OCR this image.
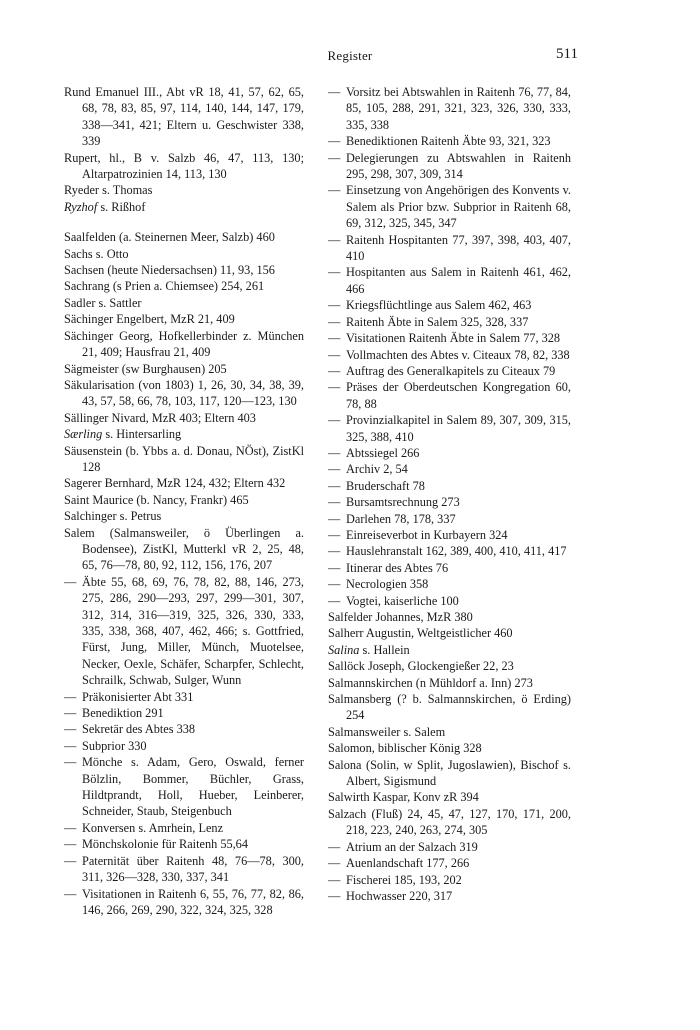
Register	511
Rund Emanuel III., Abt vR 18, 41, 57, 62, 65, 68, 78, 83, 85, 97, 114, 140, 144, 147, 179, 338—341, 421; Eltern u. Geschwister 338, 339
Rupert, hl., B v. Salzb 46, 47, 113, 130; Altarpatrozinien 14, 113, 130
Ryeder s. Thomas
Ryzhof s. Rißhof
Saalfelden (a. Steinernen Meer, Salzb) 460
Sachs s. Otto
Sachsen (heute Niedersachsen) 11, 93, 156
Sachrang (s Prien a. Chiemsee) 254, 261
Sadler s. Sattler
Sächinger Engelbert, MzR 21, 409
Sächinger Georg, Hofkellerbinder z. München 21, 409; Hausfrau 21, 409
Sägmeister (sw Burghausen) 205
Säkularisation (von 1803) 1, 26, 30, 34, 38, 39, 43, 57, 58, 66, 78, 103, 117, 120—123, 130
Sällinger Nivard, MzR 403; Eltern 403
Særling s. Hintersarling
Säusenstein (b. Ybbs a. d. Donau, NÖst), ZistKl 128
Sagerer Bernhard, MzR 124, 432; Eltern 432
Saint Maurice (b. Nancy, Frankr) 465
Salchinger s. Petrus
Salem (Salmansweiler, ö Überlingen a. Bodensee), ZistKl, Mutterkl vR 2, 25, 48, 65, 76—78, 80, 92, 112, 156, 176, 207
— Äbte 55, 68, 69, 76, 78, 82, 88, 146, 273, 275, 286, 290—293, 297, 299—301, 307, 312, 314, 316—319, 325, 326, 330, 333, 335, 338, 368, 407, 462, 466; s. Gottfried, Fürst, Jung, Miller, Münch, Muotelsee, Necker, Oexle, Schäfer, Scharpfer, Schlecht, Schrailk, Schwab, Sulger, Wunn
— Präkonisierter Abt 331
— Benediktion 291
— Sekretär des Abtes 338
— Subprior 330
— Mönche s. Adam, Gero, Oswald, ferner Bölzlin, Bommer, Büchler, Grass, Hildtprandt, Holl, Hueber, Leinberer, Schneider, Staub, Steigenbuch
— Konversen s. Amrhein, Lenz
— Mönchskolonie für Raitenh 55,64
— Paternität über Raitenh 48, 76—78, 300, 311, 326—328, 330, 337, 341
— Visitationen in Raitenh 6, 55, 76, 77, 82, 86, 146, 266, 269, 290, 322, 324, 325, 328
— Vorsitz bei Abtswahlen in Raitenh 76, 77, 84, 85, 105, 288, 291, 321, 323, 326, 330, 333, 335, 338
— Benediktionen Raitenh Äbte 93, 321, 323
— Delegierungen zu Abtswahlen in Raitenh 295, 298, 307, 309, 314
— Einsetzung von Angehörigen des Konvents v. Salem als Prior bzw. Subprior in Raitenh 68, 69, 312, 325, 345, 347
— Raitenh Hospitanten 77, 397, 398, 403, 407, 410
— Hospitanten aus Salem in Raitenh 461, 462, 466
— Kriegsflüchtlinge aus Salem 462, 463
— Raitenh Äbte in Salem 325, 328, 337
— Visitationen Raitenh Äbte in Salem 77, 328
— Vollmachten des Abtes v. Citeaux 78, 82, 338
— Auftrag des Generalkapitels zu Citeaux 79
— Präses der Oberdeutschen Kongregation 60, 78, 88
— Provinzialkapitel in Salem 89, 307, 309, 315, 325, 388, 410
— Abtssiegel 266
— Archiv 2, 54
— Bruderschaft 78
— Bursamtsrechnung 273
— Darlehen 78, 178, 337
— Einreiseverbot in Kurbayern 324
— Hauslehranstalt 162, 389, 400, 410, 411, 417
— Itinerar des Abtes 76
— Necrologien 358
— Vogtei, kaiserliche 100
Salfelder Johannes, MzR 380
Salherr Augustin, Weltgeistlicher 460
Salina s. Hallein
Sallöck Joseph, Glockengießer 22, 23
Salmannskirchen (n Mühldorf a. Inn) 273
Salmansberg (? b. Salmannskirchen, ö Erding) 254
Salmansweiler s. Salem
Salomon, biblischer König 328
Salona (Solin, w Split, Jugoslawien), Bischof s. Albert, Sigismund
Salwirth Kaspar, Konv zR 394
Salzach (Fluß) 24, 45, 47, 127, 170, 171, 200, 218, 223, 240, 263, 274, 305
— Atrium an der Salzach 319
— Auenlandschaft 177, 266
— Fischerei 185, 193, 202
— Hochwasser 220, 317
